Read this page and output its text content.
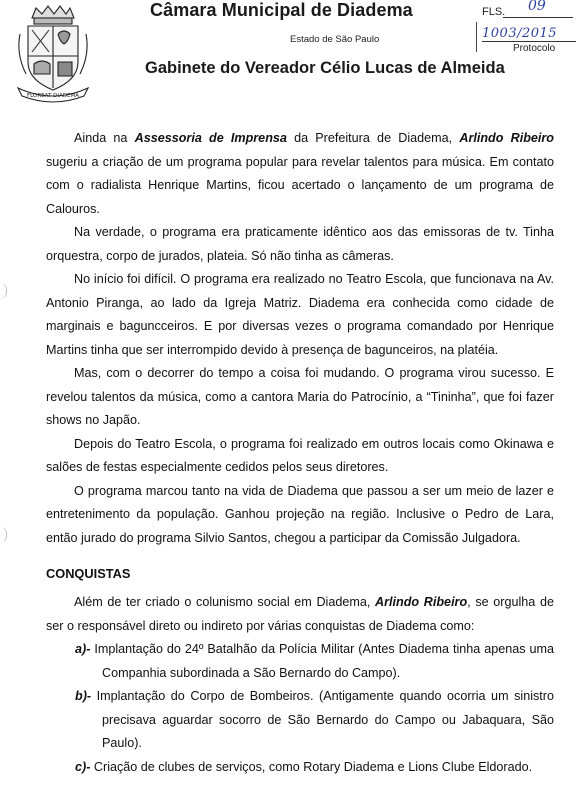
FLOREAT DIADEMA
Câmara Municipal de Diadema	FLS. 09
Estado de São Paulo	1003/2015
Protocolo
Gabinete do Vereador Célio Lucas de Almeida

Ainda na Assessoria de Imprensa da Prefeitura de Diadema, Arlindo Ribeiro sugeriu a criação de um programa popular para revelar talentos para música. Em contato com o radialista Henrique Martins, ficou acertado o lançamento de um programa de Calouros.

Na verdade, o programa era praticamente idêntico aos das emissoras de tv. Tinha orquestra, corpo de jurados, plateia. Só não tinha as câmeras.

No início foi difícil. O programa era realizado no Teatro Escola, que funcionava na Av. Antonio Piranga, ao lado da Igreja Matriz. Diadema era conhecida como cidade de marginais e baguncceiros. E por diversas vezes o programa comandado por Henrique Martins tinha que ser interrompido devido à presença de bagunceiros, na platéia.

Mas, com o decorrer do tempo a coisa foi mudando. O programa virou sucesso. E revelou talentos da música, como a cantora Maria do Patrocínio, a “Tininha”, que foi fazer shows no Japão.

Depois do Teatro Escola, o programa foi realizado em outros locais como Okinawa e salões de festas especialmente cedidos pelos seus diretores.

O programa marcou tanto na vida de Diadema que passou a ser um meio de lazer e entretenimento da população. Ganhou projeção na região. Inclusive o Pedro de Lara, então jurado do programa Silvio Santos, chegou a participar da Comissão Julgadora.

CONQUISTAS

Além de ter criado o colunismo social em Diadema, Arlindo Ribeiro, se orgulha de ser o responsável direto ou indireto por várias conquistas de Diadema como:

a)- Implantação do 24º Batalhão da Polícia Militar (Antes Diadema tinha apenas uma Companhia subordinada a São Bernardo do Campo).

b)- Implantação do Corpo de Bombeiros. (Antigamente quando ocorria um sinistro precisava aguardar socorro de São Bernardo do Campo ou Jabaquara, São Paulo).

c)- Criação de clubes de serviços, como Rotary Diadema e Lions Clube Eldorado.
